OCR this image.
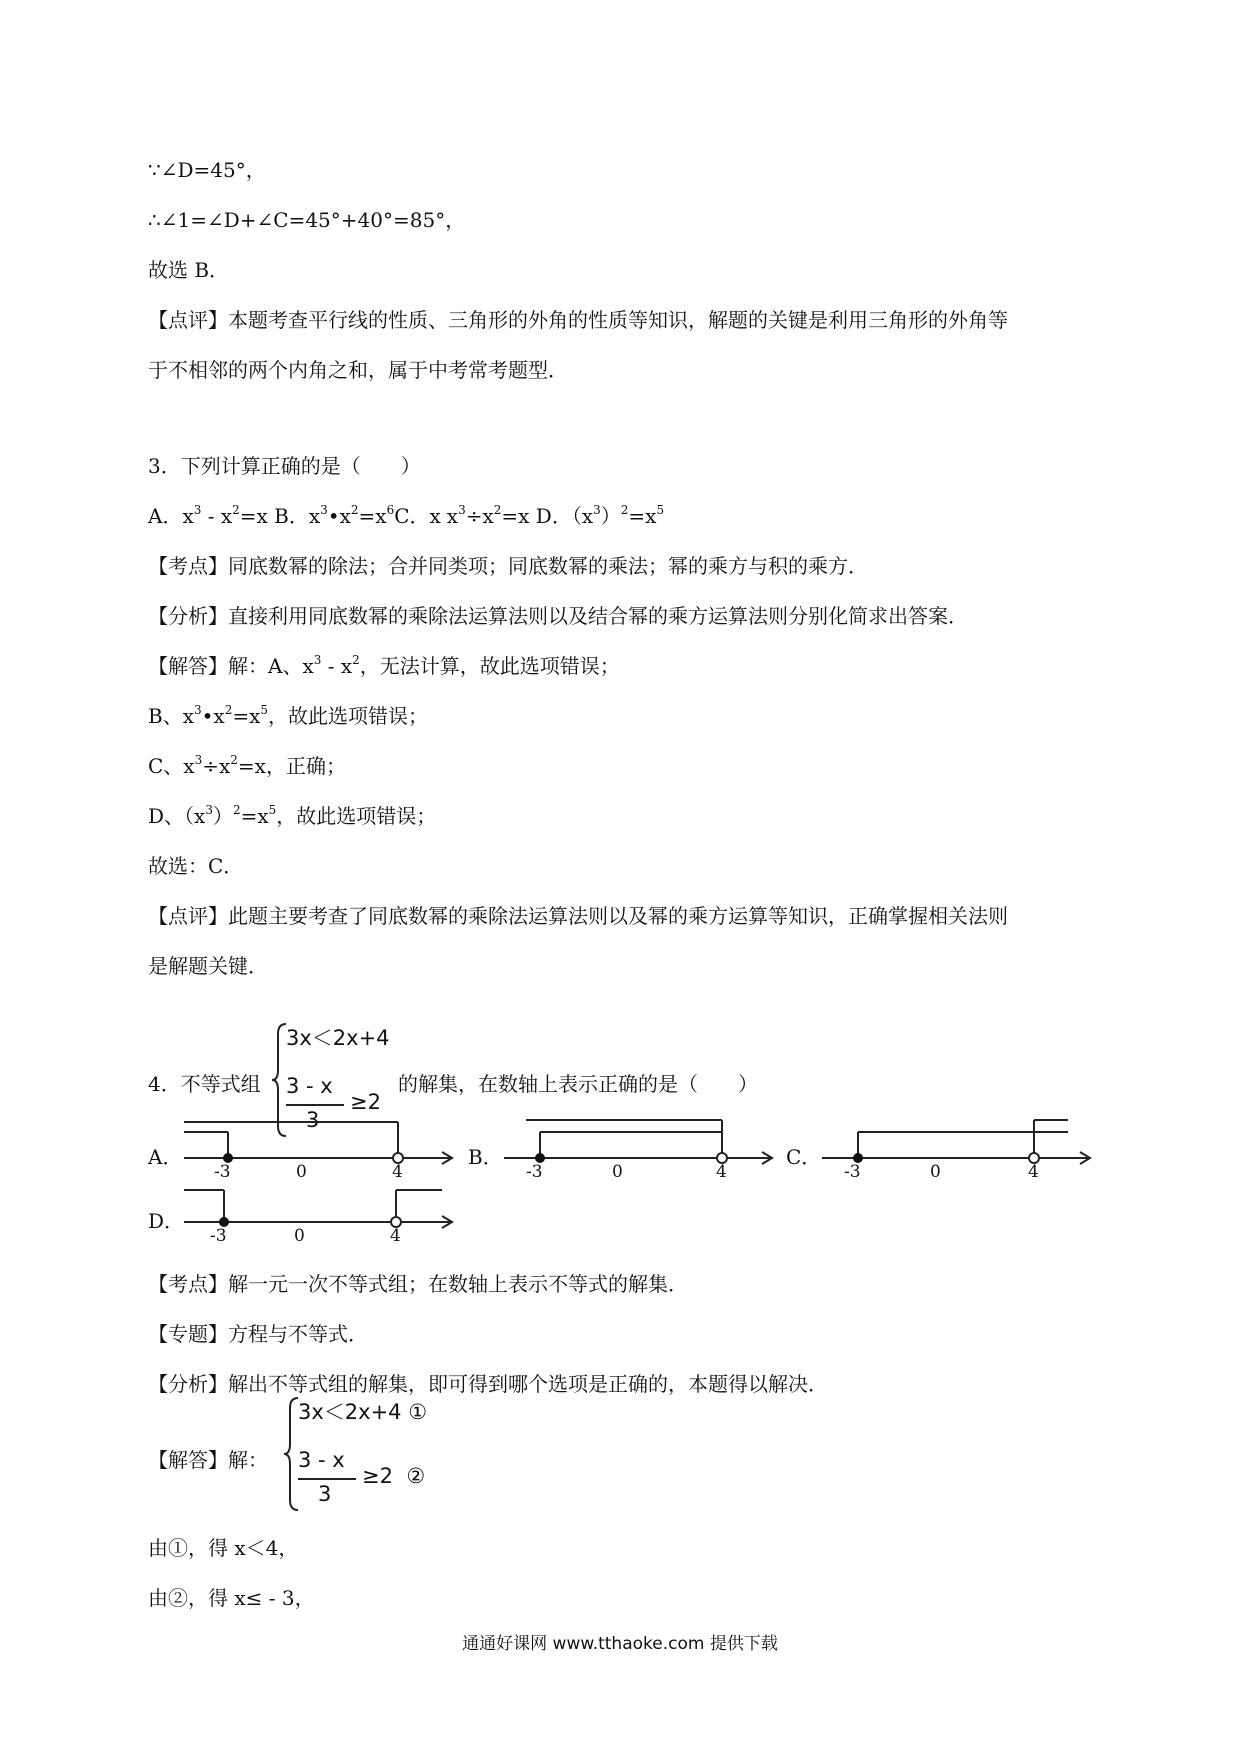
∵∠D=45°，
∴∠1=∠D+∠C=45°+40°=85°，
故选 B．
【点评】本题考查平行线的性质、三角形的外角的性质等知识，解题的关键是利用三角形的外角等
于不相邻的两个内角之和，属于中考常考题型．
3．下列计算正确的是（　　）
A．$x^3 - x^2=x$ B．$x^3•x^2=x^6C$．x $x^3\div x^2=x$ D．$(x^3)^2=x^5$
【考点】同底数幂的除法；合并同类项；同底数幂的乘法；幂的乘方与积的乘方．
【分析】直接利用同底数幂的乘除法运算法则以及结合幂的乘方运算法则分别化简求出答案．
【解答】解：A、$x^3 - x^2$，无法计算，故此选项错误；
B、$x^3•x^2=x^5$，故此选项错误；
C、$x^3\div x^2=x$，正确；
D、$(x^3)^2=x^5$，故此选项错误；
故选：C．
【点评】此题主要考查了同底数幂的乘除法运算法则以及幂的乘方运算等知识，正确掌握相关法则
是解题关键．
4．不等式组
3x＜2x+4
3 - x
3
≥2
的解集，在数轴上表示正确的是（　　）
A．
-3	0	4
B．
-3	0	4
C．
-3	0	4
D．
-3	0	4
【考点】解一元一次不等式组；在数轴上表示不等式的解集．
【专题】方程与不等式．
【分析】解出不等式组的解集，即可得到哪个选项是正确的，本题得以解决．
【解答】解：
3x＜2x+4 ①
3 - x
3
≥2 ②
由①，得 x＜4，
由②，得 x≤ - 3，
通通好课网 www.tthaoke.com 提供下载
